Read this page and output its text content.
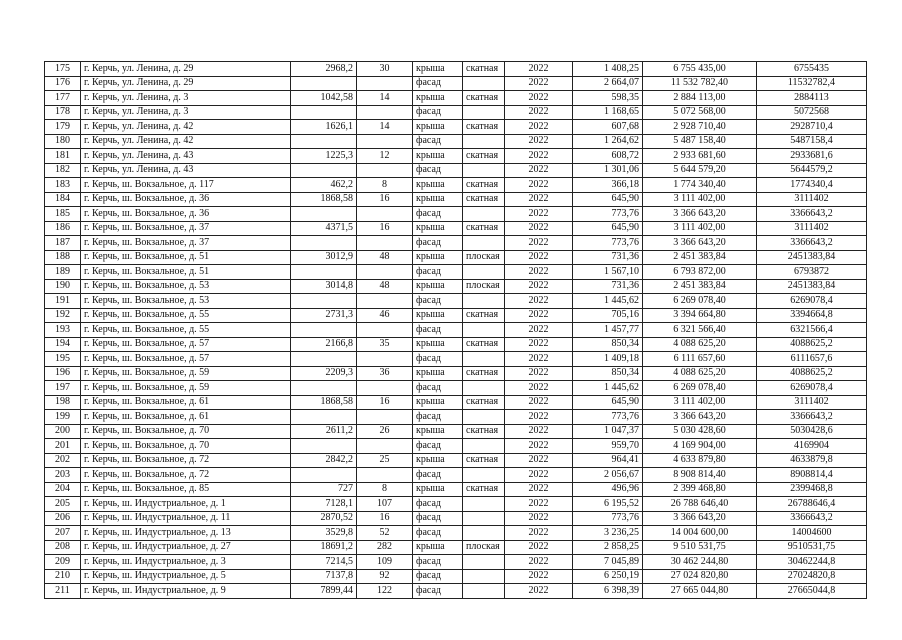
175	г. Керчь, ул. Ленина, д. 29	2968,2	30	крыша	скатная	2022	1 408,25	6 755 435,00	6755435
176	г. Керчь, ул. Ленина, д. 29			фасад		2022	2 664,07	11 532 782,40	11532782,4
177	г. Керчь, ул. Ленина, д. 3	1042,58	14	крыша	скатная	2022	598,35	2 884 113,00	2884113
178	г. Керчь, ул. Ленина, д. 3			фасад		2022	1 168,65	5 072 568,00	5072568
179	г. Керчь, ул. Ленина, д. 42	1626,1	14	крыша	скатная	2022	607,68	2 928 710,40	2928710,4
180	г. Керчь, ул. Ленина, д. 42			фасад		2022	1 264,62	5 487 158,40	5487158,4
181	г. Керчь, ул. Ленина, д. 43	1225,3	12	крыша	скатная	2022	608,72	2 933 681,60	2933681,6
182	г. Керчь, ул. Ленина, д. 43			фасад		2022	1 301,06	5 644 579,20	5644579,2
183	г. Керчь, ш. Вокзальное, д. 117	462,2	8	крыша	скатная	2022	366,18	1 774 340,40	1774340,4
184	г. Керчь, ш. Вокзальное, д. 36	1868,58	16	крыша	скатная	2022	645,90	3 111 402,00	3111402
185	г. Керчь, ш. Вокзальное, д. 36			фасад		2022	773,76	3 366 643,20	3366643,2
186	г. Керчь, ш. Вокзальное, д. 37	4371,5	16	крыша	скатная	2022	645,90	3 111 402,00	3111402
187	г. Керчь, ш. Вокзальное, д. 37			фасад		2022	773,76	3 366 643,20	3366643,2
188	г. Керчь, ш. Вокзальное, д. 51	3012,9	48	крыша	плоская	2022	731,36	2 451 383,84	2451383,84
189	г. Керчь, ш. Вокзальное, д. 51			фасад		2022	1 567,10	6 793 872,00	6793872
190	г. Керчь, ш. Вокзальное, д. 53	3014,8	48	крыша	плоская	2022	731,36	2 451 383,84	2451383,84
191	г. Керчь, ш. Вокзальное, д. 53			фасад		2022	1 445,62	6 269 078,40	6269078,4
192	г. Керчь, ш. Вокзальное, д. 55	2731,3	46	крыша	скатная	2022	705,16	3 394 664,80	3394664,8
193	г. Керчь, ш. Вокзальное, д. 55			фасад		2022	1 457,77	6 321 566,40	6321566,4
194	г. Керчь, ш. Вокзальное, д. 57	2166,8	35	крыша	скатная	2022	850,34	4 088 625,20	4088625,2
195	г. Керчь, ш. Вокзальное, д. 57			фасад		2022	1 409,18	6 111 657,60	6111657,6
196	г. Керчь, ш. Вокзальное, д. 59	2209,3	36	крыша	скатная	2022	850,34	4 088 625,20	4088625,2
197	г. Керчь, ш. Вокзальное, д. 59			фасад		2022	1 445,62	6 269 078,40	6269078,4
198	г. Керчь, ш. Вокзальное, д. 61	1868,58	16	крыша	скатная	2022	645,90	3 111 402,00	3111402
199	г. Керчь, ш. Вокзальное, д. 61			фасад		2022	773,76	3 366 643,20	3366643,2
200	г. Керчь, ш. Вокзальное, д. 70	2611,2	26	крыша	скатная	2022	1 047,37	5 030 428,60	5030428,6
201	г. Керчь, ш. Вокзальное, д. 70			фасад		2022	959,70	4 169 904,00	4169904
202	г. Керчь, ш. Вокзальное, д. 72	2842,2	25	крыша	скатная	2022	964,41	4 633 879,80	4633879,8
203	г. Керчь, ш. Вокзальное, д. 72			фасад		2022	2 056,67	8 908 814,40	8908814,4
204	г. Керчь, ш. Вокзальное, д. 85	727	8	крыша	скатная	2022	496,96	2 399 468,80	2399468,8
205	г. Керчь, ш. Индустриальное, д. 1	7128,1	107	фасад		2022	6 195,52	26 788 646,40	26788646,4
206	г. Керчь, ш. Индустриальное, д. 11	2870,52	16	фасад		2022	773,76	3 366 643,20	3366643,2
207	г. Керчь, ш. Индустриальное, д. 13	3529,8	52	фасад		2022	3 236,25	14 004 600,00	14004600
208	г. Керчь, ш. Индустриальное, д. 27	18691,2	282	крыша	плоская	2022	2 858,25	9 510 531,75	9510531,75
209	г. Керчь, ш. Индустриальное, д. 3	7214,5	109	фасад		2022	7 045,89	30 462 244,80	30462244,8
210	г. Керчь, ш. Индустриальное, д. 5	7137,8	92	фасад		2022	6 250,19	27 024 820,80	27024820,8
211	г. Керчь, ш. Индустриальное, д. 9	7899,44	122	фасад		2022	6 398,39	27 665 044,80	27665044,8
